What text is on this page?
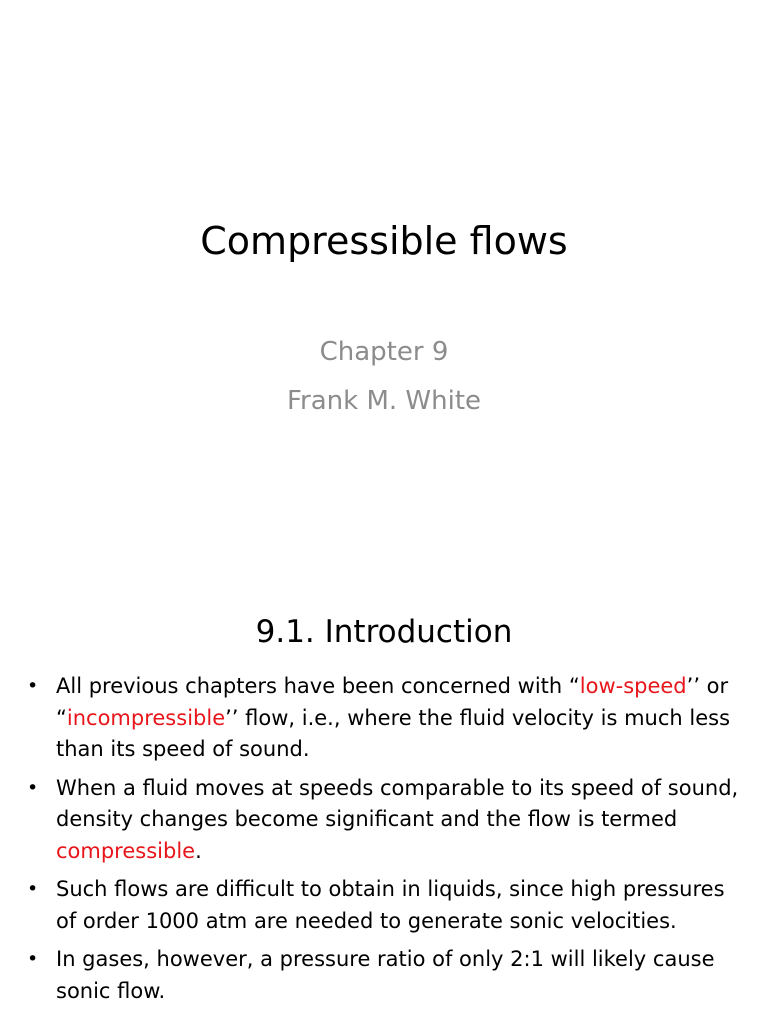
Compressible flows

Chapter 9

Frank M. White

9.1. Introduction
• All previous chapters have been concerned with “low-speed’’ or “incompressible’’ flow, i.e., where the fluid velocity is much less than its speed of sound.
• When a fluid moves at speeds comparable to its speed of sound, density changes become significant and the flow is termed compressible.
• Such flows are difficult to obtain in liquids, since high pressures of order 1000 atm are needed to generate sonic velocities.
• In gases, however, a pressure ratio of only 2:1 will likely cause sonic flow.
